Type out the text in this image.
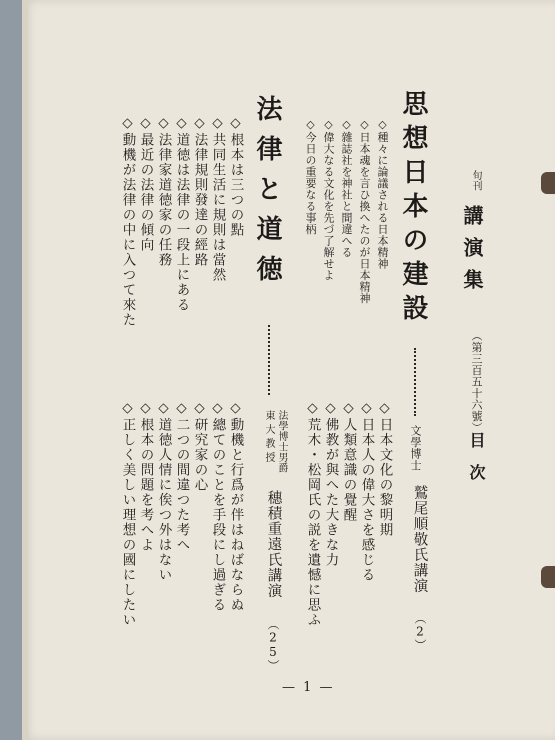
旬刊
講演集
（第三百五十六號）
目次
思想日本の建設
文學博士
鷲尾順敬氏講演
（2）
◇種々に論議される日本精神
◇日本魂を言ひ換へたのが日本精神
◇雜誌社を神社と間違へる
◇偉大なる文化を先づ了解せよ
◇今日の重要なる事柄
◇日本文化の黎明期
◇日本人の偉大さを感じる
◇人類意識の覺醒
◇佛教が與へた大きな力
◇荒木・松岡氏の説を遺憾に思ふ
法律と道徳
法學博士男爵
東大教授
穗積重遠氏講演
（25）
◇根本は三つの點
◇共同生活に規則は當然
◇法律規則發達の經路
◇道徳は法律の一段上にある
◇法律家道徳家の任務
◇最近の法律の傾向
◇動機が法律の中に入つて來た
◇動機と行爲が伴はねばならぬ
◇總てのことを手段にし過ぎる
◇研究家の心
◇二つの間違つた考へ
◇道徳人情に俟つ外はない
◇根本の問題を考へよ
◇正しく美しい理想の國にしたい
— 1 —
